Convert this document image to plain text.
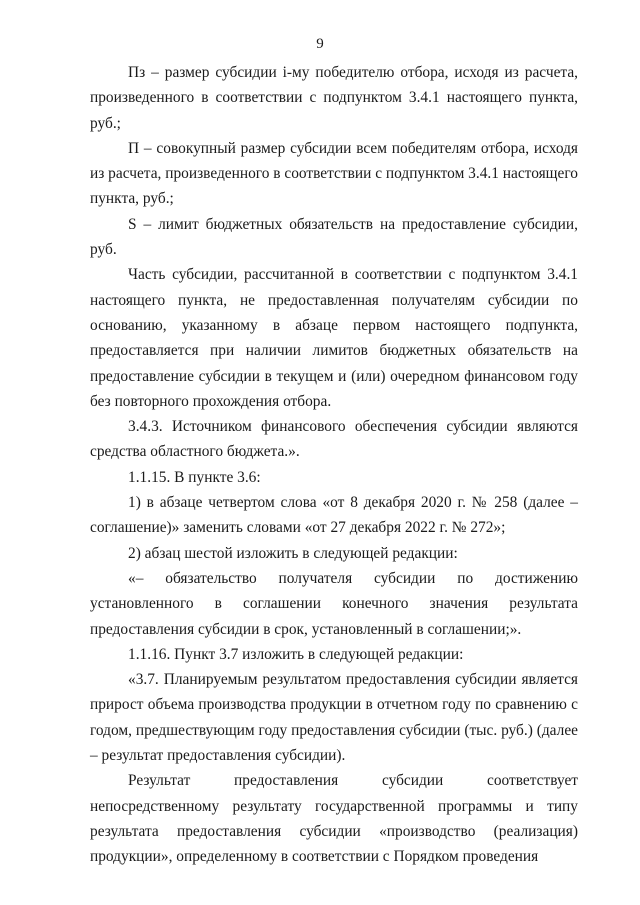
9

Пз – размер субсидии i-му победителю отбора, исходя из расчета, произведенного в соответствии с подпунктом 3.4.1 настоящего пункта, руб.;

П – совокупный размер субсидии всем победителям отбора, исходя из расчета, произведенного в соответствии с подпунктом 3.4.1 настоящего пункта, руб.;

S – лимит бюджетных обязательств на предоставление субсидии, руб.

Часть субсидии, рассчитанной в соответствии с подпунктом 3.4.1 настоящего пункта, не предоставленная получателям субсидии по основанию, указанному в абзаце первом настоящего подпункта, предоставляется при наличии лимитов бюджетных обязательств на предоставление субсидии в текущем и (или) очередном финансовом году без повторного прохождения отбора.

3.4.3. Источником финансового обеспечения субсидии являются средства областного бюджета.».

1.1.15. В пункте 3.6:

1) в абзаце четвертом слова «от 8 декабря 2020 г. № 258 (далее – соглашение)» заменить словами «от 27 декабря 2022 г. № 272»;

2) абзац шестой изложить в следующей редакции:

«– обязательство получателя субсидии по достижению установленного в соглашении конечного значения результата предоставления субсидии в срок, установленный в соглашении;».

1.1.16. Пункт 3.7 изложить в следующей редакции:

«3.7. Планируемым результатом предоставления субсидии является прирост объема производства продукции в отчетном году по сравнению с годом, предшествующим году предоставления субсидии (тыс. руб.) (далее – результат предоставления субсидии).

Результат предоставления субсидии соответствует непосредственному результату государственной программы и типу результата предоставления субсидии «производство (реализация) продукции», определенному в соответствии с Порядком проведения
